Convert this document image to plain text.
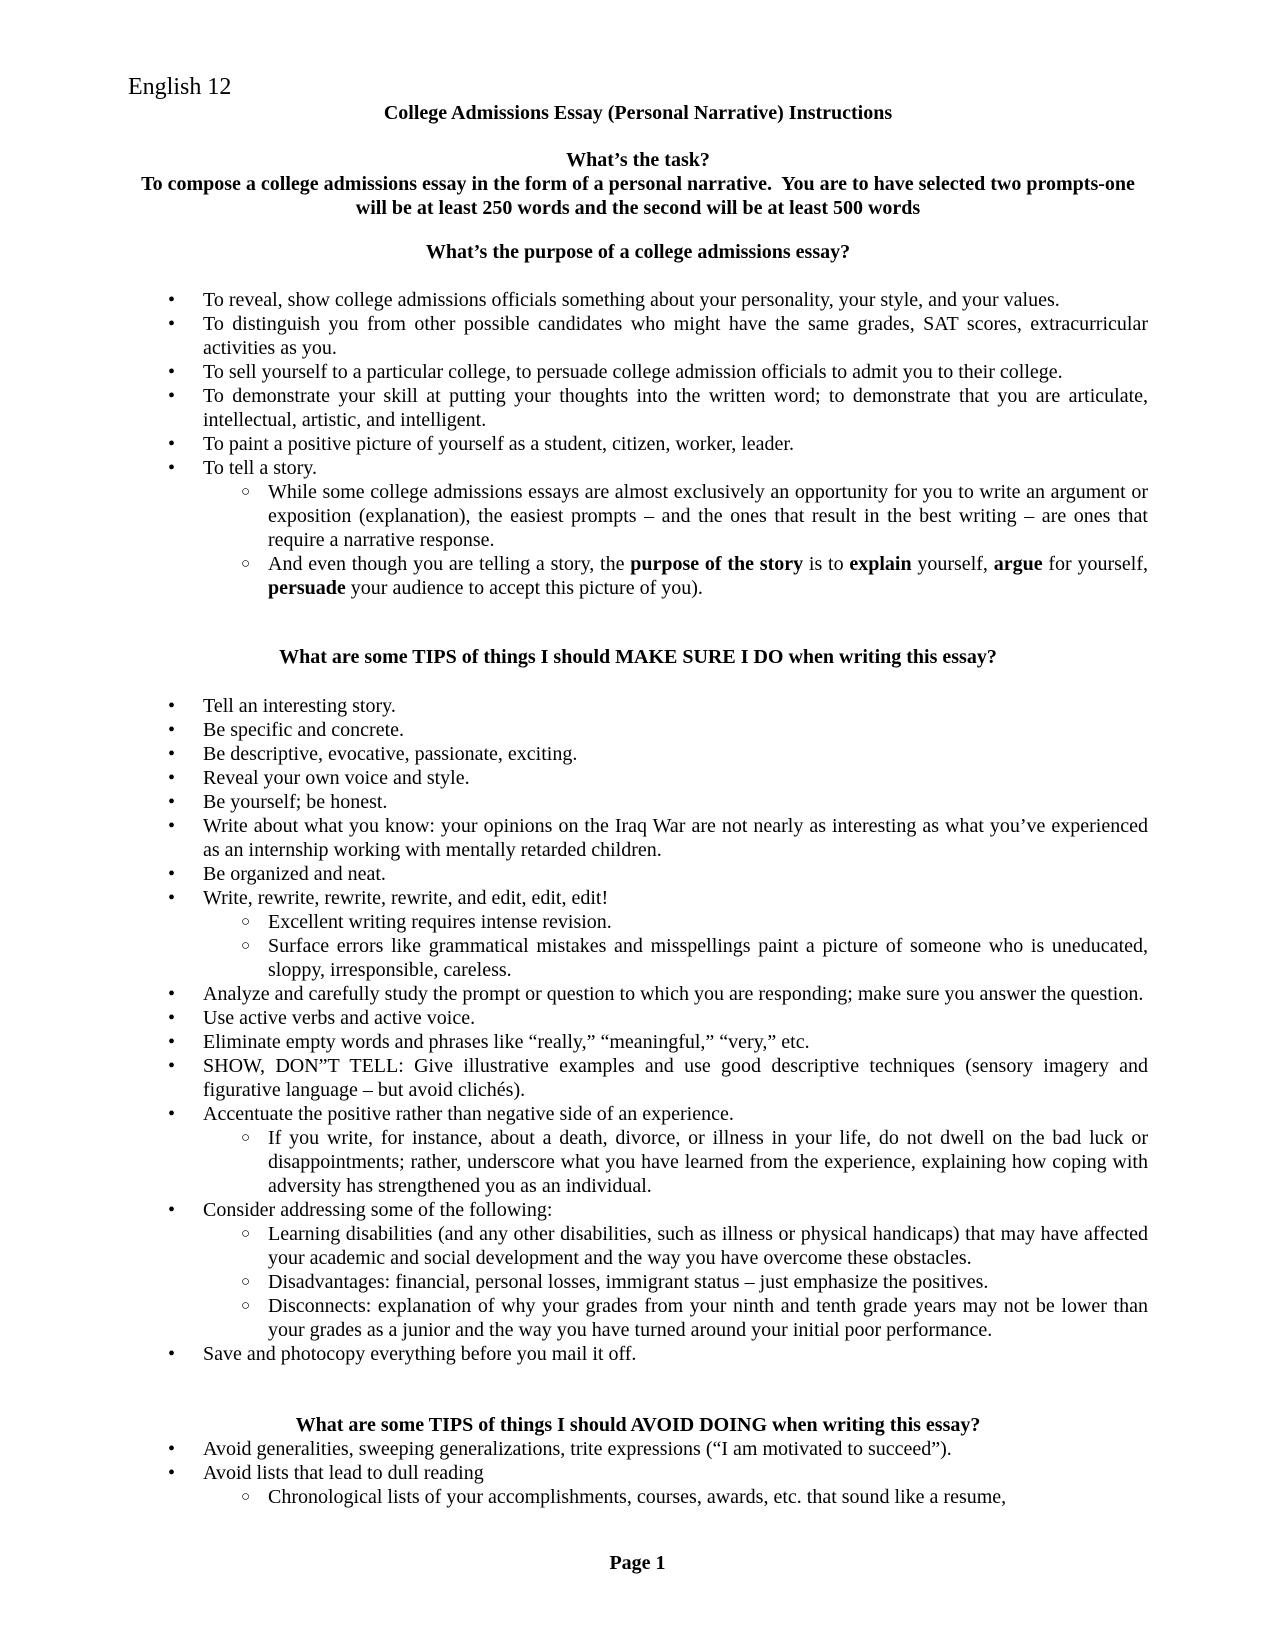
English 12
College Admissions Essay (Personal Narrative) Instructions
What’s the task?
To compose a college admissions essay in the form of a personal narrative.  You are to have selected two prompts-one will be at least 250 words and the second will be at least 500 words
What’s the purpose of a college admissions essay?
• To reveal, show college admissions officials something about your personality, your style, and your values.
• To distinguish you from other possible candidates who might have the same grades, SAT scores, extracurricular activities as you.
• To sell yourself to a particular college, to persuade college admission officials to admit you to their college.
• To demonstrate your skill at putting your thoughts into the written word; to demonstrate that you are articulate, intellectual, artistic, and intelligent.
• To paint a positive picture of yourself as a student, citizen, worker, leader.
• To tell a story.
○ While some college admissions essays are almost exclusively an opportunity for you to write an argument or exposition (explanation), the easiest prompts – and the ones that result in the best writing – are ones that require a narrative response.
○ And even though you are telling a story, the purpose of the story is to explain yourself, argue for yourself, persuade your audience to accept this picture of you).
What are some TIPS of things I should MAKE SURE I DO when writing this essay?
• Tell an interesting story.
• Be specific and concrete.
• Be descriptive, evocative, passionate, exciting.
• Reveal your own voice and style.
• Be yourself; be honest.
• Write about what you know: your opinions on the Iraq War are not nearly as interesting as what you’ve experienced as an internship working with mentally retarded children.
• Be organized and neat.
• Write, rewrite, rewrite, rewrite, and edit, edit, edit!
○ Excellent writing requires intense revision.
○ Surface errors like grammatical mistakes and misspellings paint a picture of someone who is uneducated, sloppy, irresponsible, careless.
• Analyze and carefully study the prompt or question to which you are responding; make sure you answer the question.
• Use active verbs and active voice.
• Eliminate empty words and phrases like “really,” “meaningful,” “very,” etc.
• SHOW, DON”T TELL: Give illustrative examples and use good descriptive techniques (sensory imagery and figurative language – but avoid clichés).
• Accentuate the positive rather than negative side of an experience.
○ If you write, for instance, about a death, divorce, or illness in your life, do not dwell on the bad luck or disappointments; rather, underscore what you have learned from the experience, explaining how coping with adversity has strengthened you as an individual.
• Consider addressing some of the following:
○ Learning disabilities (and any other disabilities, such as illness or physical handicaps) that may have affected your academic and social development and the way you have overcome these obstacles.
○ Disadvantages: financial, personal losses, immigrant status – just emphasize the positives.
○ Disconnects: explanation of why your grades from your ninth and tenth grade years may not be lower than your grades as a junior and the way you have turned around your initial poor performance.
• Save and photocopy everything before you mail it off.
What are some TIPS of things I should AVOID DOING when writing this essay?
• Avoid generalities, sweeping generalizations, trite expressions (“I am motivated to succeed”).
• Avoid lists that lead to dull reading
○ Chronological lists of your accomplishments, courses, awards, etc. that sound like a resume,
Page 1
